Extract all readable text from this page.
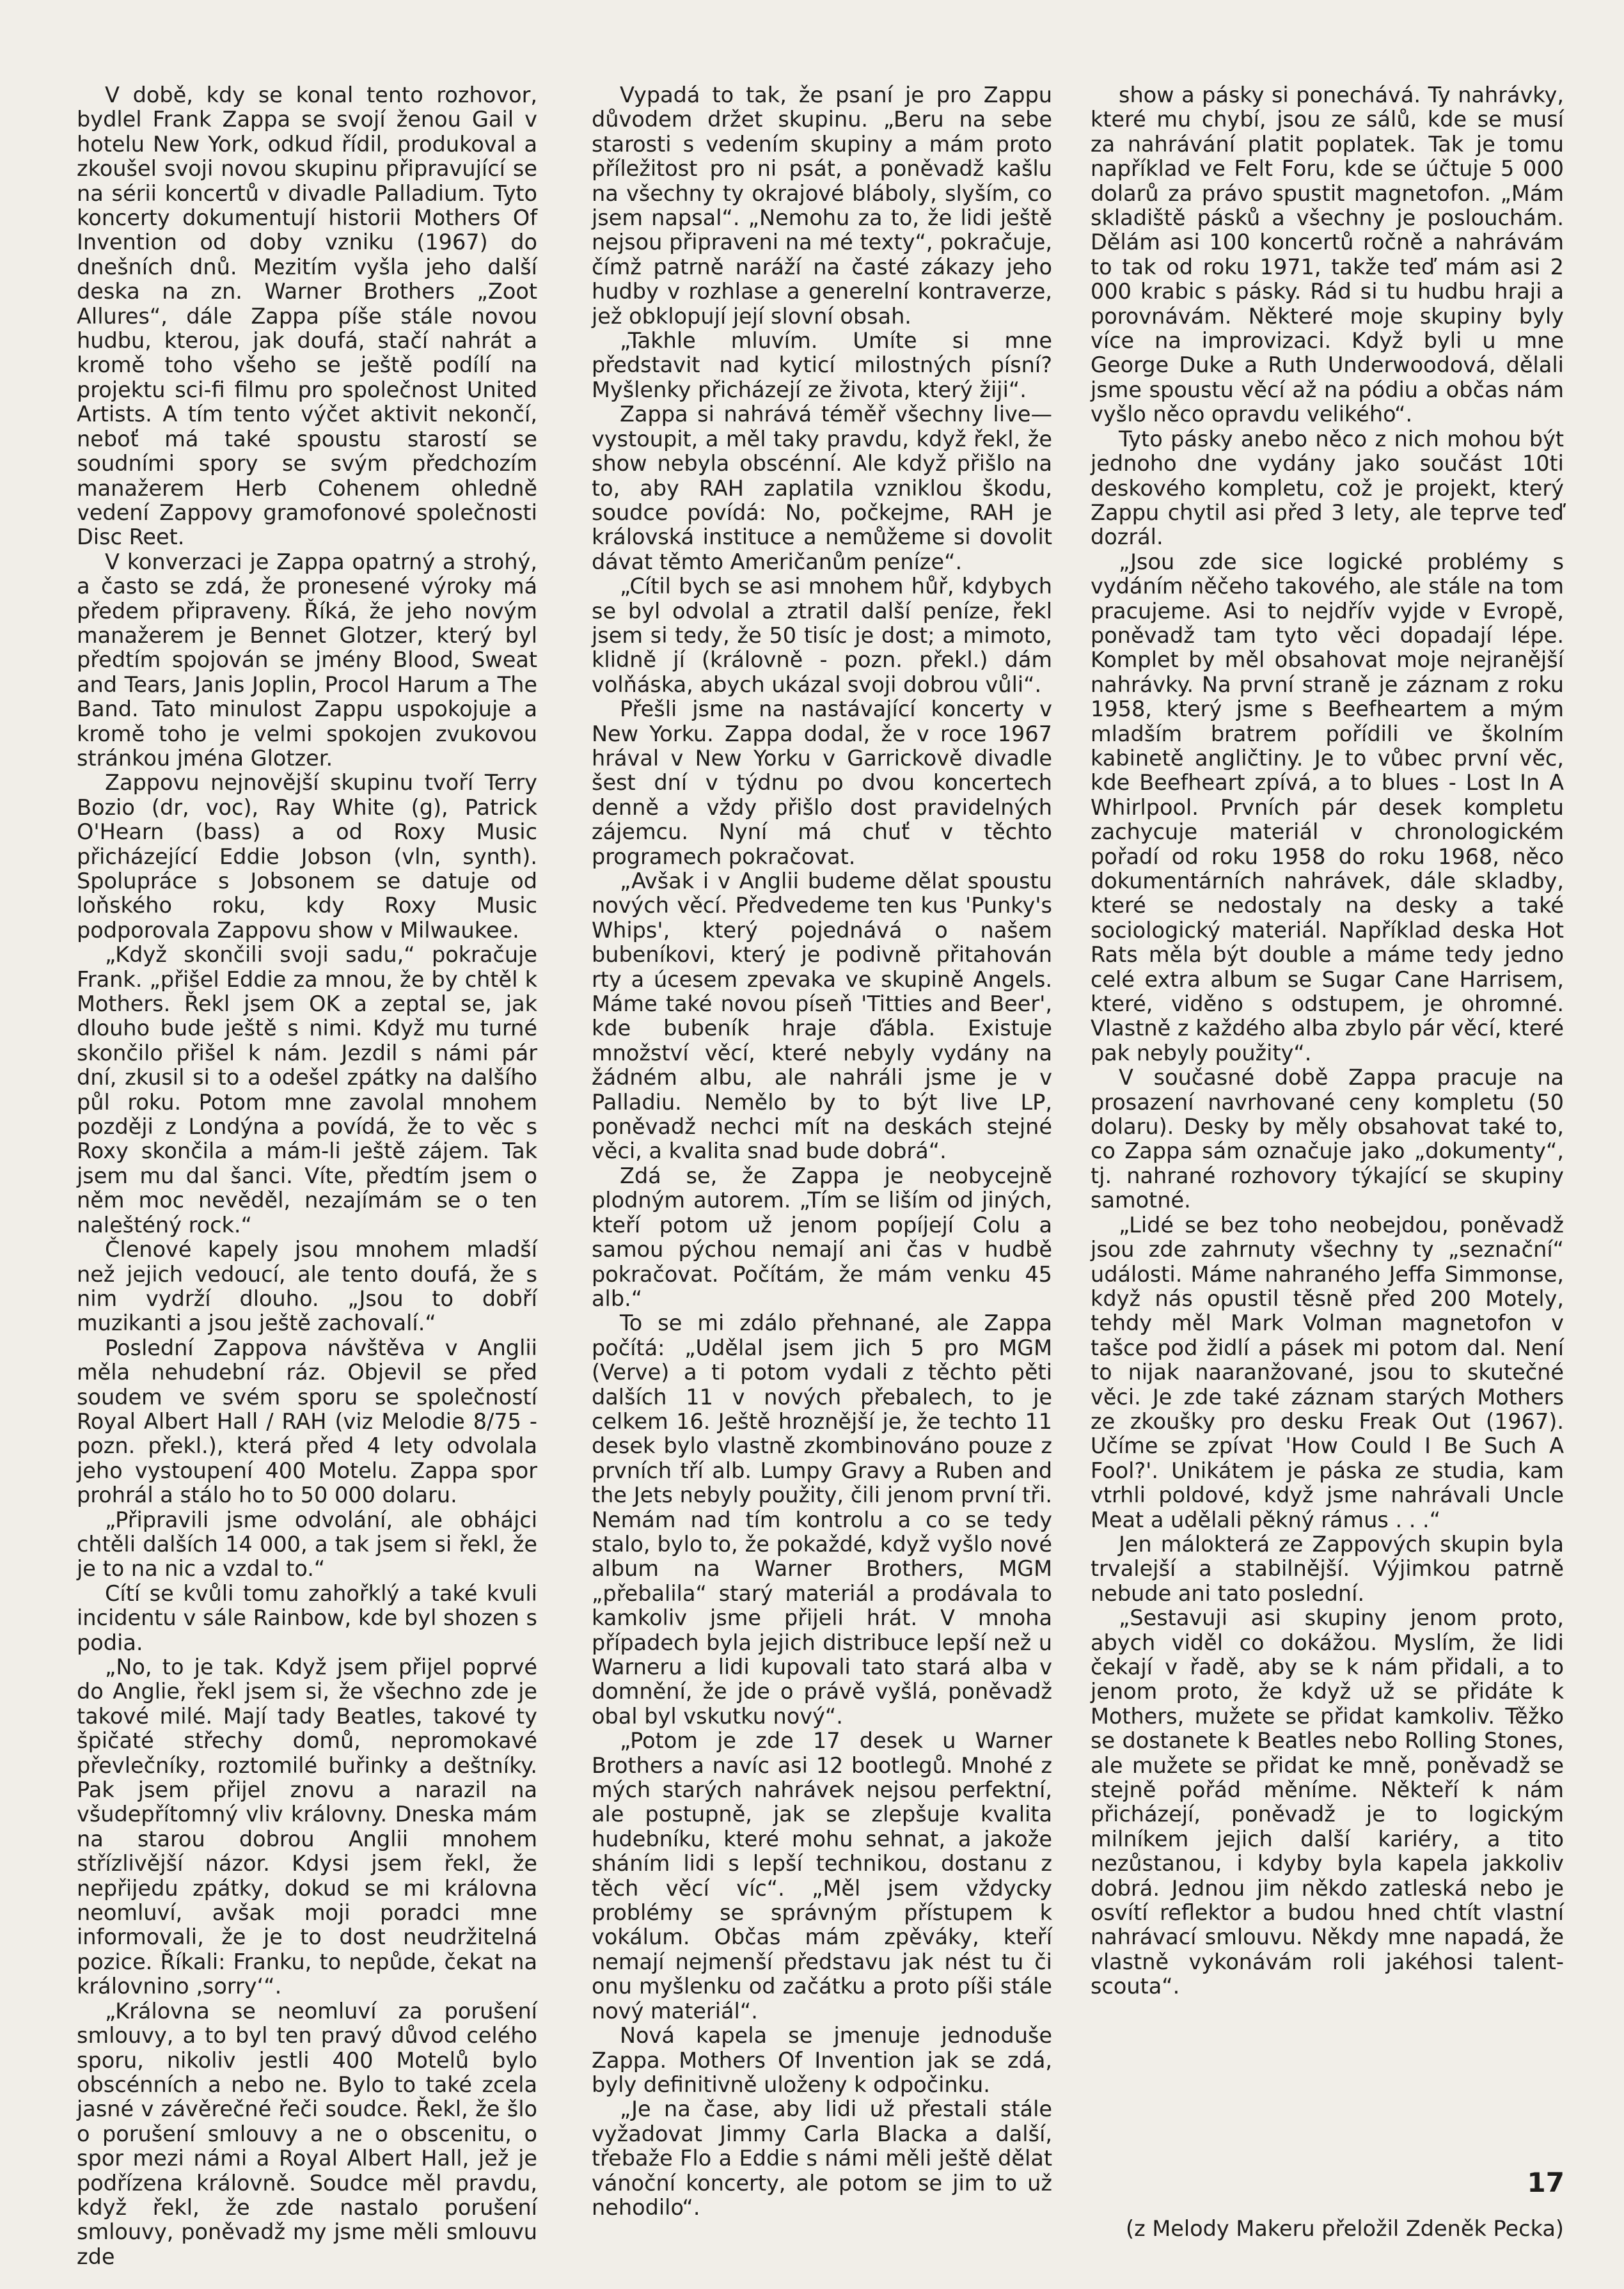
V době, kdy se konal tento rozhovor, bydlel Frank Zappa se svojí ženou Gail v hotelu New York, odkud řídil, produkoval a zkoušel svoji novou skupinu připravující se na sérii koncertů v divadle Palladium. Tyto koncerty dokumentují historii Mothers Of Invention od doby vzniku (1967) do dnešních dnů. Mezitím vyšla jeho další deska na zn. Warner Brothers „Zoot Allures“, dále Zappa píše stále novou hudbu, kterou, jak doufá, stačí nahrát a kromě toho všeho se ještě podílí na projektu sci-fi filmu pro společnost United Artists. A tím tento výčet aktivit nekončí, neboť má také spoustu starostí se soudními spory se svým předchozím manažerem Herb Cohenem ohledně vedení Zappovy gramofonové společnosti Disc Reet.

V konverzaci je Zappa opatrný a strohý, a často se zdá, že pronesené výroky má předem připraveny. Říká, že jeho novým manažerem je Bennet Glotzer, který byl předtím spojován se jmény Blood, Sweat and Tears, Janis Joplin, Procol Harum a The Band. Tato minulost Zappu uspokojuje a kromě toho je velmi spokojen zvukovou stránkou jména Glotzer.

Zappovu nejnovější skupinu tvoří Terry Bozio (dr, voc), Ray White (g), Patrick O'Hearn (bass) a od Roxy Music přicházející Eddie Jobson (vln, synth). Spolupráce s Jobsonem se datuje od loňského roku, kdy Roxy Music podporovala Zappovu show v Milwaukee.

„Když skončili svoji sadu,“ pokračuje Frank. „přišel Eddie za mnou, že by chtěl k Mothers. Řekl jsem OK a zeptal se, jak dlouho bude ještě s nimi. Když mu turné skončilo přišel k nám. Jezdil s námi pár dní, zkusil si to a odešel zpátky na dalšího půl roku. Potom mne zavolal mnohem později z Londýna a povídá, že to věc s Roxy skončila a mám-li ještě zájem. Tak jsem mu dal šanci. Víte, předtím jsem o něm moc nevěděl, nezajímám se o ten nalešténý rock.“

Členové kapely jsou mnohem mladší než jejich vedoucí, ale tento doufá, že s nim vydrží dlouho. „Jsou to dobří muzikanti a jsou ještě zachovalí.“

Poslední Zappova návštěva v Anglii měla nehudební ráz. Objevil se před soudem ve svém sporu se společností Royal Albert Hall / RAH (viz Melodie 8/75 - pozn. překl.), která před 4 lety odvolala jeho vystoupení 400 Motelu. Zappa spor prohrál a stálo ho to 50 000 dolaru.

„Připravili jsme odvolání, ale obhájci chtěli dalších 14 000, a tak jsem si řekl, že je to na nic a vzdal to.“

Cítí se kvůli tomu zahořklý a také kvuli incidentu v sále Rainbow, kde byl shozen s podia.

„No, to je tak. Když jsem přijel poprvé do Anglie, řekl jsem si, že všechno zde je takové milé. Mají tady Beatles, takové ty špičaté střechy domů, nepromokavé převlečníky, roztomilé buřinky a deštníky. Pak jsem přijel znovu a narazil na všudepřítomný vliv královny. Dneska mám na starou dobrou Anglii mnohem střízlivější názor. Kdysi jsem řekl, že nepřijedu zpátky, dokud se mi královna neomluví, avšak moji poradci mne informovali, že je to dost neudržitelná pozice. Říkali: Franku, to nepůde, čekat na královnino ‚sorry‘“.

„Královna se neomluví za porušení smlouvy, a to byl ten pravý důvod celého sporu, nikoliv jestli 400 Motelů bylo obscénních a nebo ne. Bylo to také zcela jasné v závěrečné řeči soudce. Řekl, že šlo o porušení smlouvy a ne o obscenitu, o spor mezi námi a Royal Albert Hall, jež je podřízena královně. Soudce měl pravdu, když řekl, že zde nastalo porušení smlouvy, poněvadž my jsme měli smlouvu zde

Vypadá to tak, že psaní je pro Zappu důvodem držet skupinu. „Beru na sebe starosti s vedením skupiny a mám proto příležitost pro ni psát, a poněvadž kašlu na všechny ty okrajové bláboly, slyším, co jsem napsal“. „Nemohu za to, že lidi ještě nejsou připraveni na mé texty“, pokračuje, čímž patrně naráží na časté zákazy jeho hudby v rozhlase a generelní kontraverze, jež obklopují její slovní obsah.

„Takhle mluvím. Umíte si mne představit nad kyticí milostných písní? Myšlenky přicházejí ze života, který žiji“.

Zappa si nahrává téměř všechny live—vystoupit, a měl taky pravdu, když řekl, že show nebyla obscénní. Ale když přišlo na to, aby RAH zaplatila vzniklou škodu, soudce povídá: No, počkejme, RAH je královská instituce a nemůžeme si dovolit dávat těmto Američanům peníze“.

„Cítil bych se asi mnohem hůř, kdybych se byl odvolal a ztratil další peníze, řekl jsem si tedy, že 50 tisíc je dost; a mimoto, klidně jí (královně - pozn. překl.) dám volňáska, abych ukázal svoji dobrou vůli“.

Přešli jsme na nastávající koncerty v New Yorku. Zappa dodal, že v roce 1967 hrával v New Yorku v Garrickově divadle šest dní v týdnu po dvou koncertech denně a vždy přišlo dost pravidelných zájemcu. Nyní má chuť v těchto programech pokračovat.

„Avšak i v Anglii budeme dělat spoustu nových věcí. Předvedeme ten kus 'Punky's Whips', který pojednává o našem bubeníkovi, který je podivně přitahován rty a úcesem zpevaka ve skupině Angels. Máme také novou píseň 'Titties and Beer', kde bubeník hraje ďábla. Existuje množství věcí, které nebyly vydány na žádném albu, ale nahráli jsme je v Palladiu. Nemělo by to být live LP, poněvadž nechci mít na deskách stejné věci, a kvalita snad bude dobrá“.

Zdá se, že Zappa je neobycejně plodným autorem. „Tím se liším od jiných, kteří potom už jenom popíjejí Colu a samou pýchou nemají ani čas v hudbě pokračovat. Počítám, že mám venku 45 alb.“

To se mi zdálo přehnané, ale Zappa počítá: „Udělal jsem jich 5 pro MGM (Verve) a ti potom vydali z těchto pěti dalších 11 v nových přebalech, to je celkem 16. Ještě hroznější je, že techto 11 desek bylo vlastně zkombinováno pouze z prvních tří alb. Lumpy Gravy a Ruben and the Jets nebyly použity, čili jenom první tři. Nemám nad tím kontrolu a co se tedy stalo, bylo to, že pokaždé, když vyšlo nové album na Warner Brothers, MGM „přebalila“ starý materiál a prodávala to kamkoliv jsme přijeli hrát. V mnoha případech byla jejich distribuce lepší než u Warneru a lidi kupovali tato stará alba v domnění, že jde o právě vyšlá, poněvadž obal byl vskutku nový“.

„Potom je zde 17 desek u Warner Brothers a navíc asi 12 bootlegů. Mnohé z mých starých nahrávek nejsou perfektní, ale postupně, jak se zlepšuje kvalita hudebníku, které mohu sehnat, a jakože sháním lidi s lepší technikou, dostanu z těch věcí víc“. „Měl jsem vždycky problémy se správným přístupem k vokálum. Občas mám zpěváky, kteří nemají nejmenší představu jak nést tu či onu myšlenku od začátku a proto píši stále nový materiál“.

Nová kapela se jmenuje jednoduše Zappa. Mothers Of Invention jak se zdá, byly definitivně uloženy k odpočinku.

„Je na čase, aby lidi už přestali stále vyžadovat Jimmy Carla Blacka a další, třebaže Flo a Eddie s námi měli ještě dělat vánoční koncerty, ale potom se jim to už nehodilo“.

show a pásky si ponechává. Ty nahrávky, které mu chybí, jsou ze sálů, kde se musí za nahrávání platit poplatek. Tak je tomu například ve Felt Foru, kde se účtuje 5 000 dolarů za právo spustit magnetofon. „Mám skladiště pásků a všechny je poslouchám. Dělám asi 100 koncertů ročně a nahrávám to tak od roku 1971, takže teď mám asi 2 000 krabic s pásky. Rád si tu hudbu hraji a porovnávám. Některé moje skupiny byly více na improvizaci. Když byli u mne George Duke a Ruth Underwoodová, dělali jsme spoustu věcí až na pódiu a občas nám vyšlo něco opravdu velikého“.

Tyto pásky anebo něco z nich mohou být jednoho dne vydány jako součást 10ti deskového kompletu, což je projekt, který Zappu chytil asi před 3 lety, ale teprve teď dozrál.

„Jsou zde sice logické problémy s vydáním něčeho takového, ale stále na tom pracujeme. Asi to nejdřív vyjde v Evropě, poněvadž tam tyto věci dopadají lépe. Komplet by měl obsahovat moje nejranější nahrávky. Na první straně je záznam z roku 1958, který jsme s Beefheartem a mým mladším bratrem pořídili ve školním kabinetě angličtiny. Je to vůbec první věc, kde Beefheart zpívá, a to blues - Lost In A Whirlpool. Prvních pár desek kompletu zachycuje materiál v chronologickém pořadí od roku 1958 do roku 1968, něco dokumentárních nahrávek, dále skladby, které se nedostaly na desky a také sociologický materiál. Například deska Hot Rats měla být double a máme tedy jedno celé extra album se Sugar Cane Harrisem, které, viděno s odstupem, je ohromné. Vlastně z každého alba zbylo pár věcí, které pak nebyly použity“.

V současné době Zappa pracuje na prosazení navrhované ceny kompletu (50 dolaru). Desky by měly obsahovat také to, co Zappa sám označuje jako „dokumenty“, tj. nahrané rozhovory týkající se skupiny samotné.

„Lidé se bez toho neobejdou, poněvadž jsou zde zahrnuty všechny ty „seznační“ události. Máme nahraného Jeffa Simmonse, když nás opustil těsně před 200 Motely, tehdy měl Mark Volman magnetofon v tašce pod židlí a pásek mi potom dal. Není to nijak naaranžované, jsou to skutečné věci. Je zde také záznam starých Mothers ze zkoušky pro desku Freak Out (1967). Učíme se zpívat 'How Could I Be Such A Fool?'. Unikátem je páska ze studia, kam vtrhli poldové, když jsme nahrávali Uncle Meat a udělali pěkný rámus . . .“

Jen málokterá ze Zappových skupin byla trvalejší a stabilnější. Výjimkou patrně nebude ani tato poslední.

„Sestavuji asi skupiny jenom proto, abych viděl co dokážou. Myslím, že lidi čekají v řadě, aby se k nám přidali, a to jenom proto, že když už se přidáte k Mothers, mužete se přidat kamkoliv. Těžko se dostanete k Beatles nebo Rolling Stones, ale mužete se přidat ke mně, poněvadž se stejně pořád měníme. Někteří k nám přicházejí, poněvadž je to logickým milníkem jejich další kariéry, a tito nezůstanou, i kdyby byla kapela jakkoliv dobrá. Jednou jim někdo zatleská nebo je osvítí reflektor a budou hned chtít vlastní nahrávací smlouvu. Někdy mne napadá, že vlastně vykonávám roli jakéhosi talent-scouta“.

(z Melody Makeru přeložil Zdeněk Pecka)
17
